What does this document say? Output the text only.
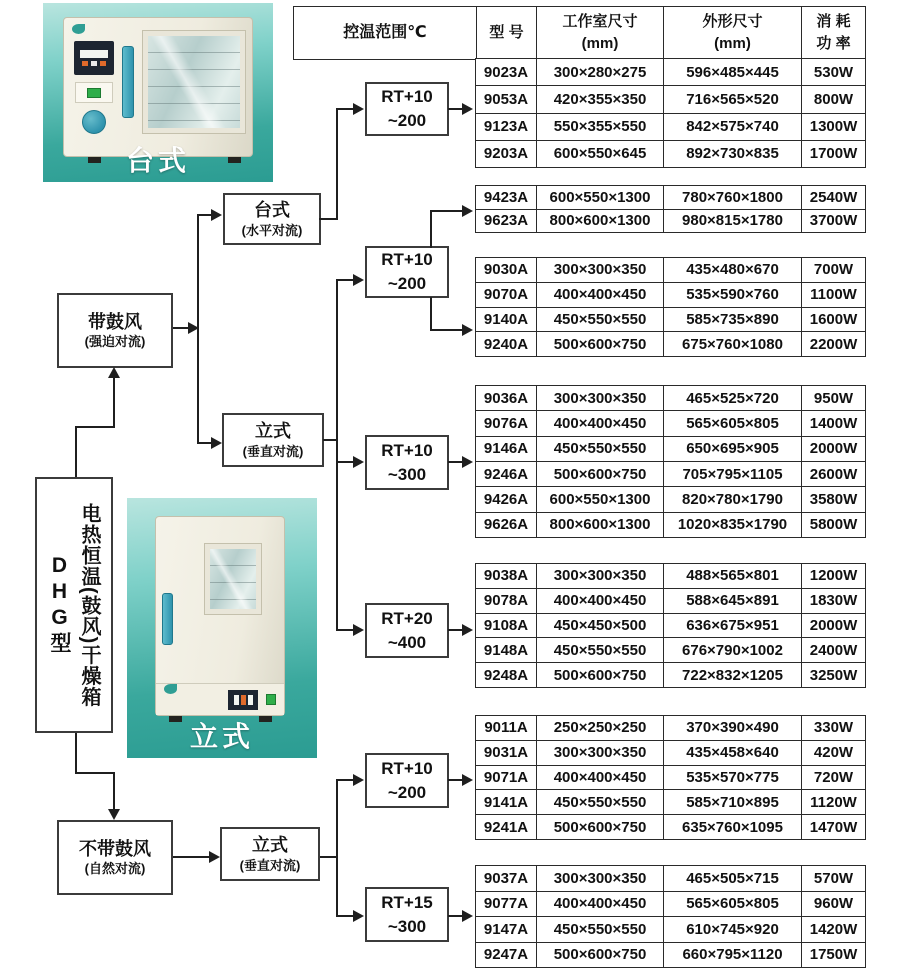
台式
立式
DHG型 电热恒温(鼓风)干燥箱
带鼓风
(强迫对流)
不带鼓风
(自然对流)
台式
(水平对流)
立式
(垂直对流)
立式
(垂直对流)
RT+10
~200
RT+10
~200
RT+10
~300
RT+20
~400
RT+10
~200
RT+15
~300
控温范围℃	型 号
工作室尺寸
(mm)
外形尺寸
(mm)
消 耗
功 率
9023A	300×280×275	596×485×445	530W
9053A	420×355×350	716×565×520	800W
9123A	550×355×550	842×575×740	1300W
9203A	600×550×645	892×730×835	1700W
9423A	600×550×1300	780×760×1800	2540W
9623A	800×600×1300	980×815×1780	3700W
9030A	300×300×350	435×480×670	700W
9070A	400×400×450	535×590×760	1100W
9140A	450×550×550	585×735×890	1600W
9240A	500×600×750	675×760×1080	2200W
9036A	300×300×350	465×525×720	950W
9076A	400×400×450	565×605×805	1400W
9146A	450×550×550	650×695×905	2000W
9246A	500×600×750	705×795×1105	2600W
9426A	600×550×1300	820×780×1790	3580W
9626A	800×600×1300	1020×835×1790	5800W
9038A	300×300×350	488×565×801	1200W
9078A	400×400×450	588×645×891	1830W
9108A	450×450×500	636×675×951	2000W
9148A	450×550×550	676×790×1002	2400W
9248A	500×600×750	722×832×1205	3250W
9011A	250×250×250	370×390×490	330W
9031A	300×300×350	435×458×640	420W
9071A	400×400×450	535×570×775	720W
9141A	450×550×550	585×710×895	1120W
9241A	500×600×750	635×760×1095	1470W
9037A	300×300×350	465×505×715	570W
9077A	400×400×450	565×605×805	960W
9147A	450×550×550	610×745×920	1420W
9247A	500×600×750	660×795×1120	1750W
